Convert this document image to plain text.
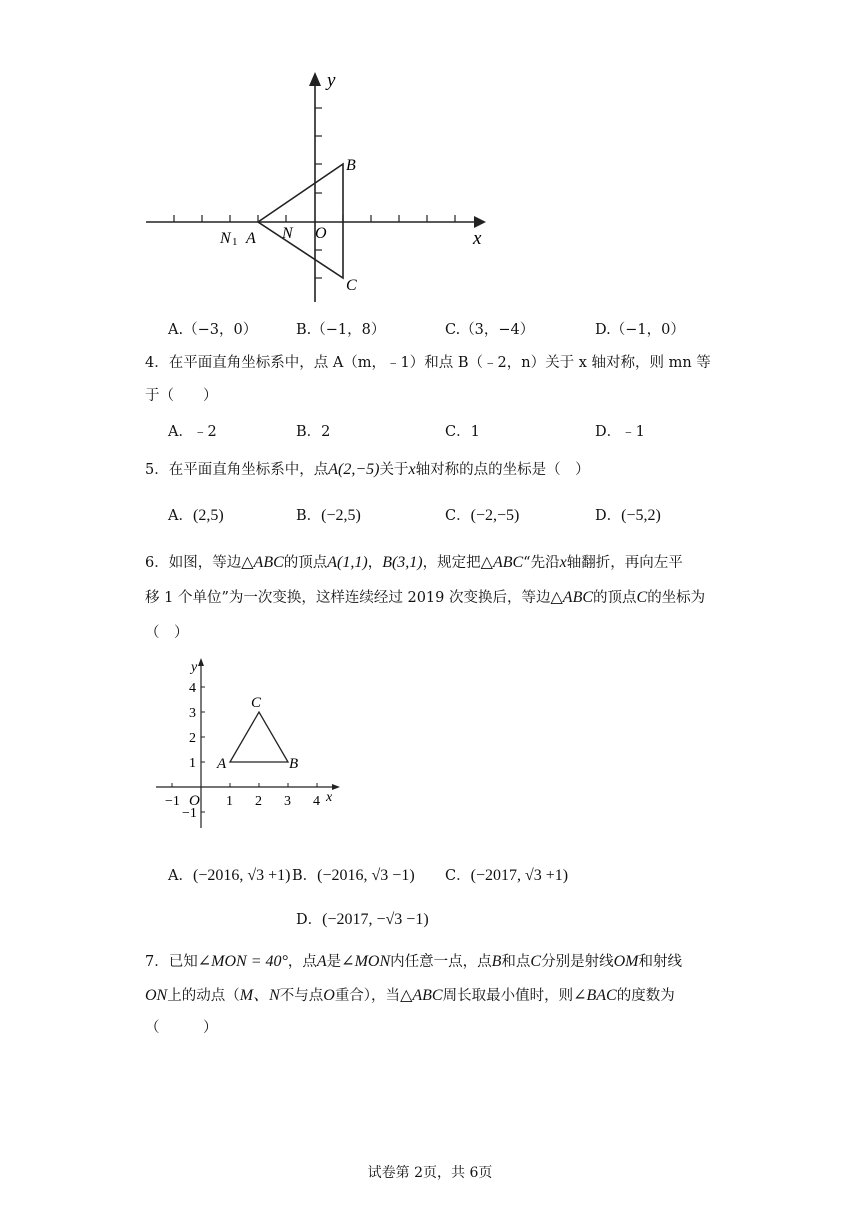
y
x
B
C
N 1 A N O
A.（−3，0）	B.（−1，8）	C.（3，−4）	D.（−1，0）
4．在平面直角坐标系中，点 A（m，﹣1）和点 B（﹣2，n）关于 x 轴对称，则 mn 等
于（　　）
A．﹣2	B．2	C．1	D．﹣1
5．在平面直角坐标系中，点A(2,−5)关于x轴对称的点的坐标是（　）
A．(2,5)	B．(−2,5)	C．(−2,−5)	D．(−5,2)
6．如图，等边△ABC的顶点A(1,1)，B(3,1)，规定把△ABC“先沿x轴翻折，再向左平
移 1 个单位”为一次变换，这样连续经过 2019 次变换后，等边△ABC的顶点C的坐标为
（　）
y
x
O
−1	1 2 3 4
4
3
2
1
−1
A	B
C
A．(−2016, √3 +1) B．(−2016, √3 −1) C．(−2017, √3 +1)
D．(−2017, −√3 −1)
7．已知∠MON = 40°，点A是∠MON内任意一点，点B和点C分别是射线OM和射线
ON上的动点（M、N不与点O重合），当△ABC周长取最小值时，则∠BAC的度数为
（　　　）
试卷第 2页，共 6页
